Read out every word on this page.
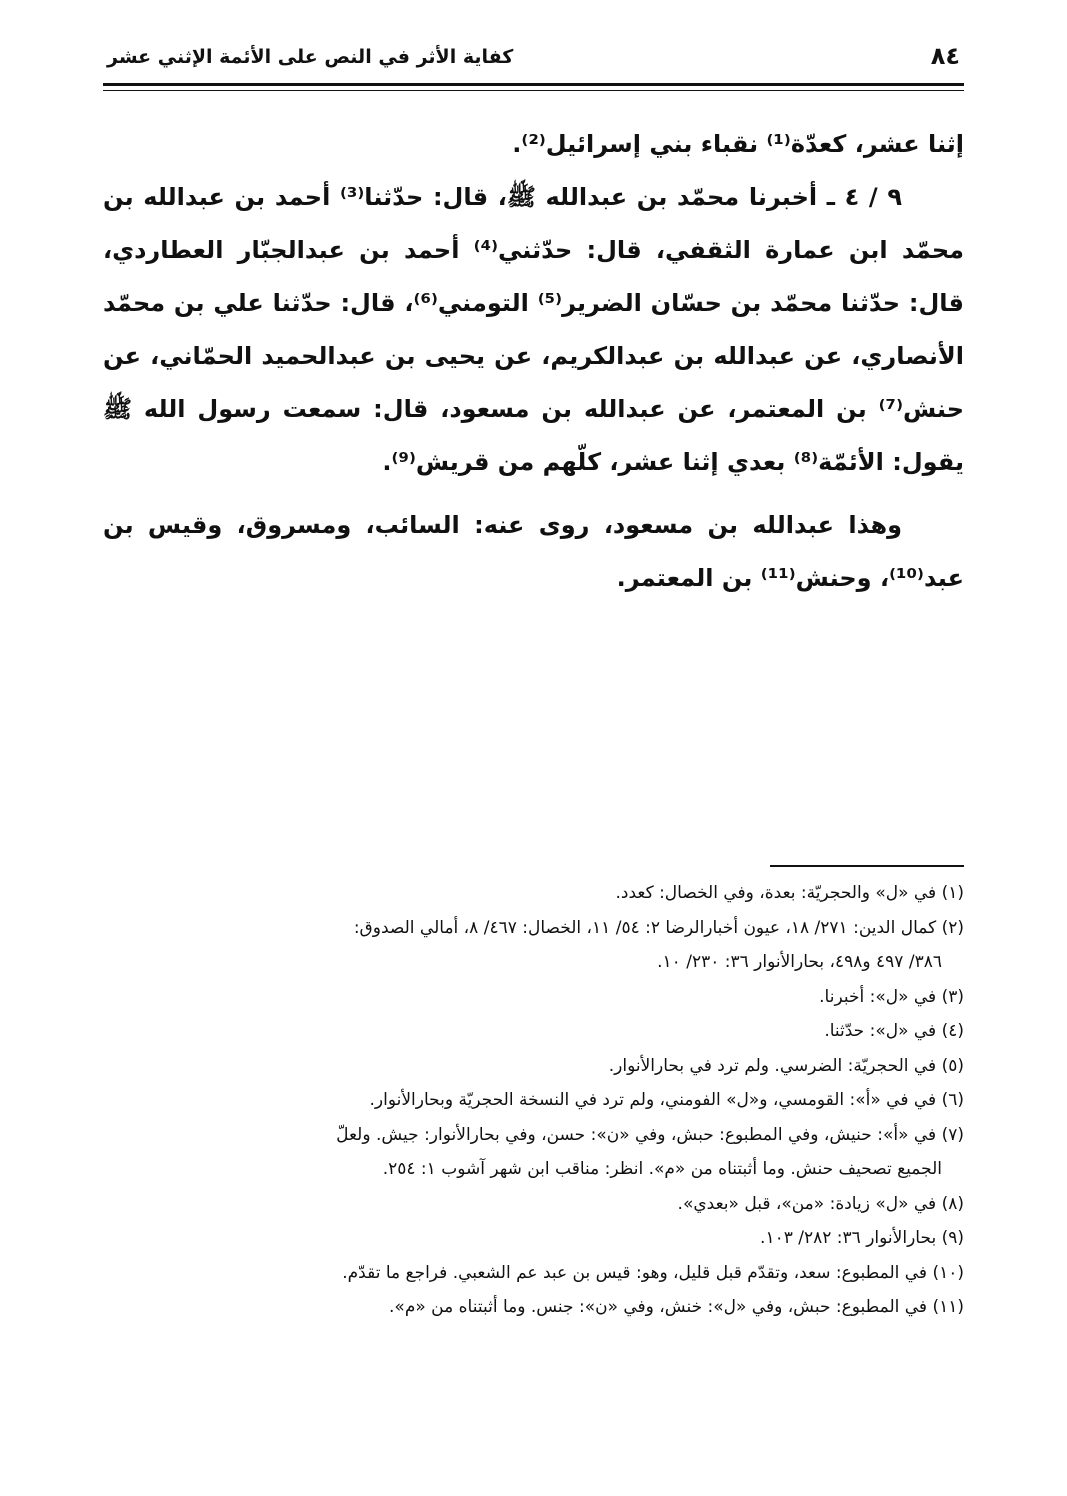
٨٤
كفاية الأثر في النص على الأئمة الإثني عشر

إثنا عشر، كعدّة⁽¹⁾ نقباء بني إسرائيل⁽²⁾.

٩ / ٤ ـ أخبرنا محمّد بن عبدالله ﷺ، قال: حدّثنا⁽³⁾ أحمد بن عبدالله بن محمّد ابن عمارة الثقفي، قال: حدّثني⁽⁴⁾ أحمد بن عبدالجبّار العطاردي، قال: حدّثنا محمّد بن حسّان الضرير⁽⁵⁾ التومني⁽⁶⁾، قال: حدّثنا علي بن محمّد الأنصاري، عن عبدالله بن عبدالكريم، عن يحيى بن عبدالحميد الحمّاني، عن حنش⁽⁷⁾ بن المعتمر، عن عبدالله بن مسعود، قال: سمعت رسول الله ﷺ يقول: الأئمّة⁽⁸⁾ بعدي إثنا عشر، كلّهم من قريش⁽⁹⁾.

وهذا عبدالله بن مسعود، روى عنه: السائب، ومسروق، وقيس بن عبد⁽¹⁰⁾، وحنش⁽¹¹⁾ بن المعتمر.

(١) في «ل» والحجريّة: بعدة، وفي الخصال: كعدد.

(٢) كمال الدين: ٢٧١/ ١٨، عيون أخبارالرضا ٢: ٥٤/ ١١، الخصال: ٤٦٧/ ٨، أمالي الصدوق:

٣٨٦/ ٤٩٧ و٤٩٨، بحارالأنوار ٣٦: ٢٣٠/ ١٠.

(٣) في «ل»: أخبرنا.

(٤) في «ل»: حدّثنا.

(٥) في الحجريّة: الضرسي. ولم ترد في بحارالأنوار.

(٦) في في «أ»: القومسي، و«ل» الفومني، ولم ترد في النسخة الحجريّة وبحارالأنوار.

(٧) في «أ»: حنيش، وفي المطبوع: حبش، وفي «ن»: حسن، وفي بحارالأنوار: جيش. ولعلّ

الجميع تصحيف حنش. وما أثبتناه من «م». انظر: مناقب ابن شهر آشوب ١: ٢٥٤.

(٨) في «ل» زيادة: «من»، قبل «بعدي».

(٩) بحارالأنوار ٣٦: ٢٨٢/ ١٠٣.

(١٠) في المطبوع: سعد، وتقدّم قبل قليل، وهو: قيس بن عبد عم الشعبي. فراجع ما تقدّم.

(١١) في المطبوع: حبش، وفي «ل»: خنش، وفي «ن»: جنس. وما أثبتناه من «م».
